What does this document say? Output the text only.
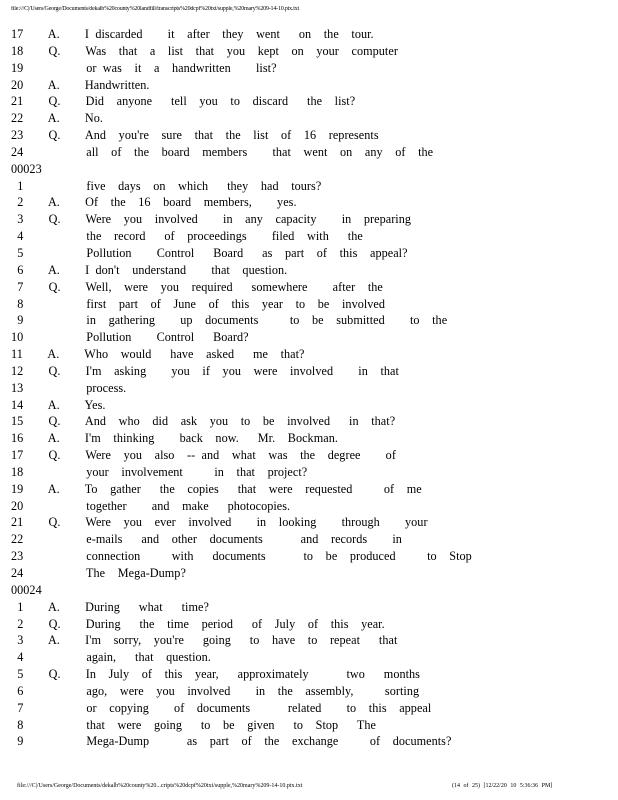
file:///C|/Users/George/Documents/dekalb%20county%20landfill/transcripts%20dcpf%20txt/supple,%20mary%209-14-10.ptx.txt
17    A.    I discarded    it  after  they  went   on  the  tour.
18    Q.    Was  that  a  list  that  you  kept  on  your  computer
19          or was  it  a  handwritten    list?
20    A.    Handwritten.
21    Q.    Did  anyone   tell  you  to  discard   the  list?
22    A.    No.
23    Q.    And  you're  sure  that  the  list  of  16  represents
24          all  of  the  board  members    that  went  on  any  of  the
00023
1          five  days  on  which   they  had  tours?
2    A.    Of  the  16  board  members,    yes.
3    Q.    Were  you  involved    in  any  capacity    in  preparing
4          the  record   of  proceedings    filed  with   the
5          Pollution    Control   Board   as  part  of  this  appeal?
6    A.    I don't  understand    that  question.
7    Q.    Well,  were  you  required   somewhere    after  the
8          first  part  of  June  of  this  year  to  be  involved
9          in  gathering    up  documents     to  be  submitted    to  the
10          Pollution    Control   Board?
11    A.    Who  would   have  asked   me  that?
12    Q.    I'm  asking    you  if  you  were  involved    in  that
13          process.
14    A.    Yes.
15    Q.    And  who  did  ask  you  to  be  involved   in  that?
16    A.    I'm  thinking    back  now.   Mr.  Bockman.
17    Q.    Were  you  also  -- and  what  was  the  degree    of
18          your  involvement     in  that  project?
19    A.    To  gather   the  copies   that  were  requested     of  me
20          together    and  make   photocopies.
21    Q.    Were  you  ever  involved    in  looking    through    your
22          e-mails   and  other  documents      and  records    in
23          connection     with   documents      to  be  produced     to  Stop
24          The  Mega-Dump?
00024
1    A.    During   what   time?
2    Q.    During   the  time  period   of  July  of  this  year.
3    A.    I'm  sorry,  you're   going   to  have  to  repeat   that
4          again,   that  question.
5    Q.    In  July  of  this  year,   approximately      two   months
6          ago,  were  you  involved    in  the  assembly,     sorting
7          or  copying    of  documents      related    to  this  appeal
8          that  were  going   to  be  given   to  Stop   The
9          Mega-Dump      as  part  of  the  exchange     of  documents?
file:///C|/Users/George/Documents/dekalb%20county%20...cripts%20dcpf%20txt/supple,%20mary%209-14-10.ptx.txt	(14 of 25) [12/22/20 10 5:36:36 PM]
